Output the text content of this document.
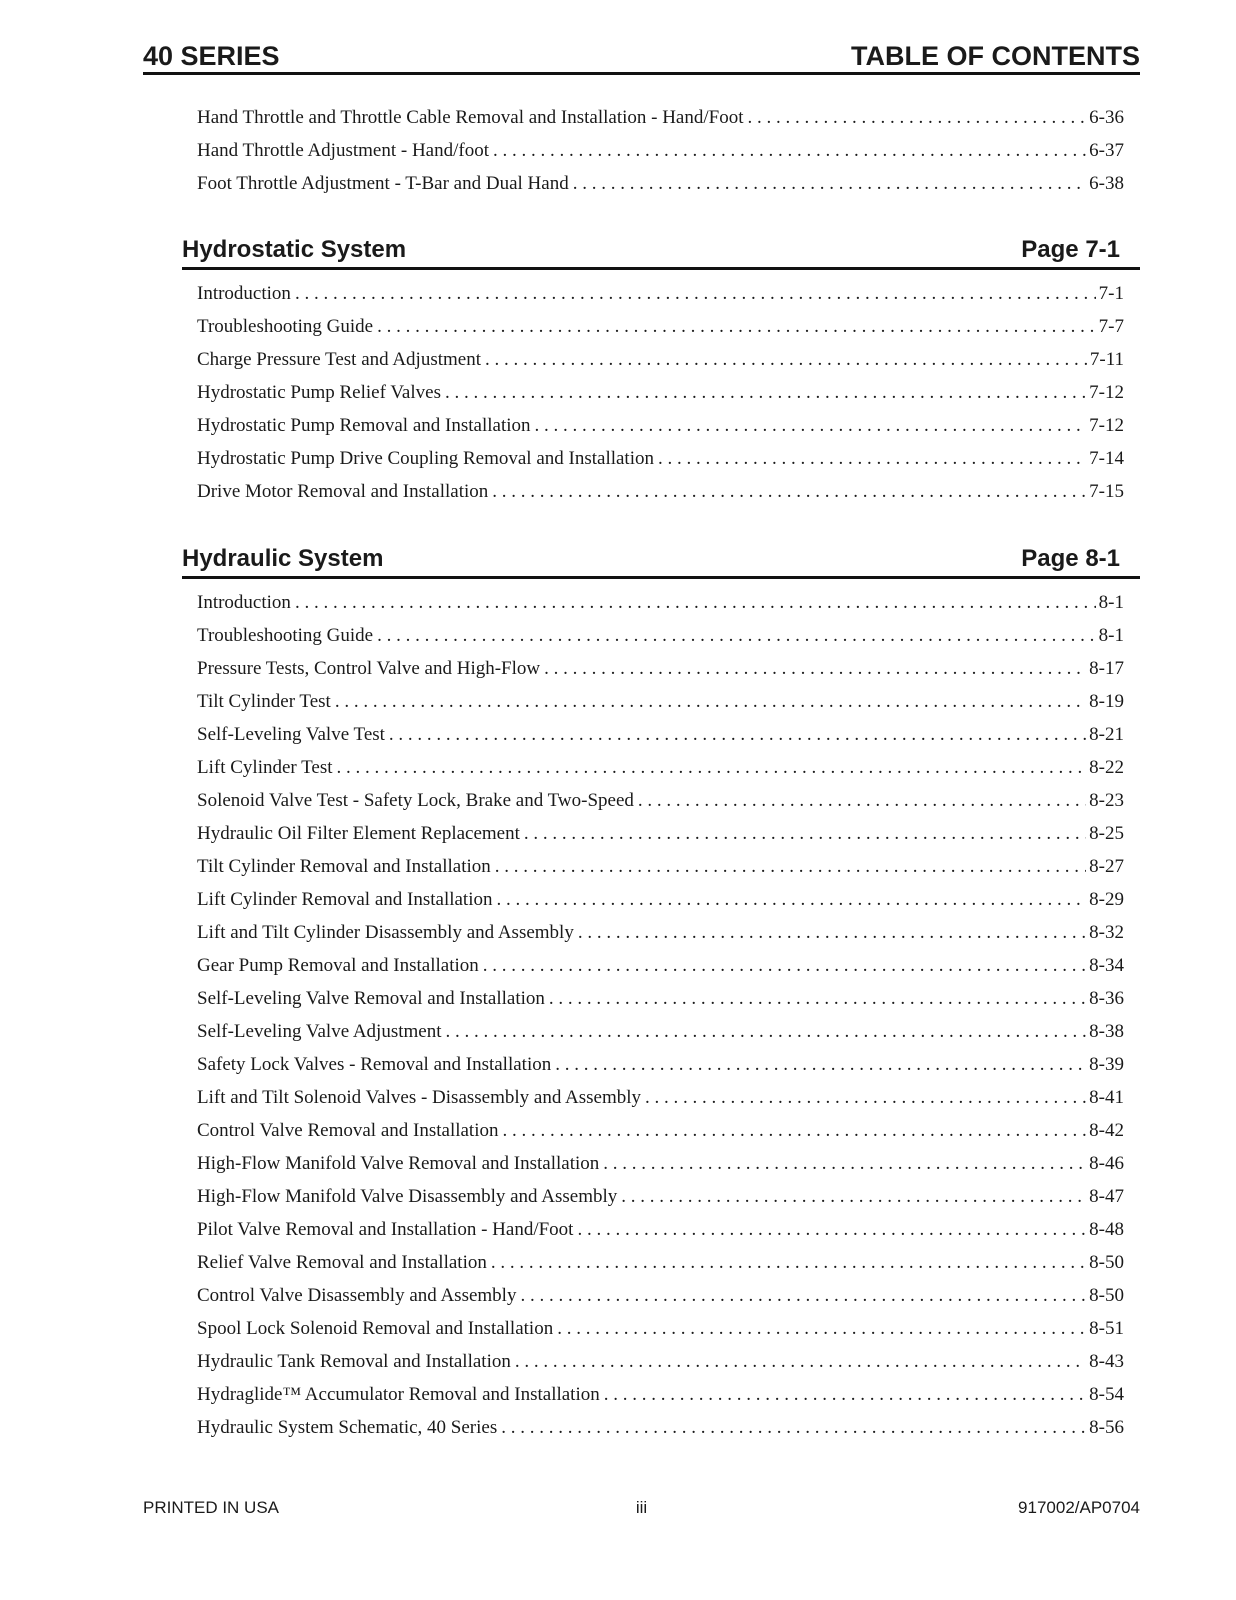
40 SERIES	TABLE OF CONTENTS
Hand Throttle and Throttle Cable Removal and Installation - Hand/Foot . . .	6-36
Hand Throttle Adjustment - Hand/foot . . .	6-37
Foot Throttle Adjustment - T-Bar and Dual Hand . . .	6-38
Hydrostatic System	Page 7-1
Introduction . . .	7-1
Troubleshooting Guide . . .	7-7
Charge Pressure Test and Adjustment . . .	7-11
Hydrostatic Pump Relief Valves . . .	7-12
Hydrostatic Pump Removal and Installation . . .	7-12
Hydrostatic Pump Drive Coupling Removal and Installation . . .	7-14
Drive Motor Removal and Installation . . .	7-15
Hydraulic System	Page 8-1
Introduction . . .	8-1
Troubleshooting Guide . . .	8-1
Pressure Tests, Control Valve and High-Flow . . .	8-17
Tilt Cylinder Test . . .	8-19
Self-Leveling Valve Test . . .	8-21
Lift Cylinder Test . . .	8-22
Solenoid Valve Test - Safety Lock, Brake and Two-Speed . . .	8-23
Hydraulic Oil Filter Element Replacement . . .	8-25
Tilt Cylinder Removal and Installation . . .	8-27
Lift Cylinder Removal and Installation . . .	8-29
Lift and Tilt Cylinder Disassembly and Assembly . . .	8-32
Gear Pump Removal and Installation . . .	8-34
Self-Leveling Valve Removal and Installation . . .	8-36
Self-Leveling Valve Adjustment . . .	8-38
Safety Lock Valves - Removal and Installation . . .	8-39
Lift and Tilt Solenoid Valves - Disassembly and Assembly . . .	8-41
Control Valve Removal and Installation . . .	8-42
High-Flow Manifold Valve Removal and Installation . . .	8-46
High-Flow Manifold Valve Disassembly and Assembly . . .	8-47
Pilot Valve Removal and Installation - Hand/Foot . . .	8-48
Relief Valve Removal and Installation . . .	8-50
Control Valve Disassembly and Assembly . . .	8-50
Spool Lock Solenoid Removal and Installation . . .	8-51
Hydraulic Tank Removal and Installation . . .	8-43
Hydraglide™ Accumulator Removal and Installation . . .	8-54
Hydraulic System Schematic, 40 Series . . .	8-56
PRINTED IN USA	iii	917002/AP0704
